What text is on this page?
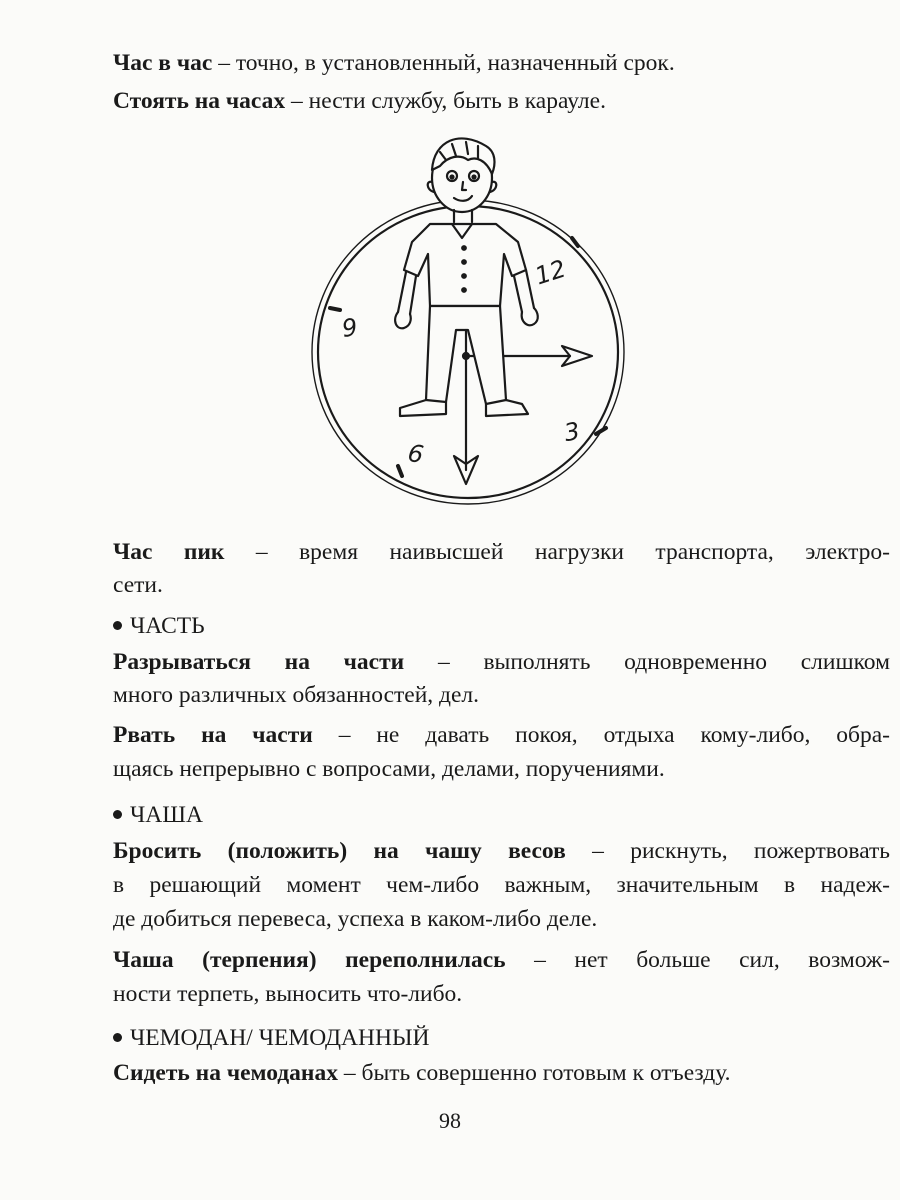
Час в час – точно, в установленный, назначенный срок.
Стоять на часах – нести службу, быть в карауле.
12
3
6
9
Час пик – время наивысшей нагрузки транспорта, электро-
сети.
ЧАСТЬ
Разрываться на части – выполнять одновременно слишком
много различных обязанностей, дел.
Рвать на части – не давать покоя, отдыха кому-либо, обра-
щаясь непрерывно с вопросами, делами, поручениями.
ЧАША
Бросить (положить) на чашу весов – рискнуть, пожертвовать
в решающий момент чем-либо важным, значительным в надеж-
де добиться перевеса, успеха в каком-либо деле.
Чаша (терпения) переполнилась – нет больше сил, возмож-
ности терпеть, выносить что-либо.
ЧЕМОДАН/ ЧЕМОДАННЫЙ
Сидеть на чемоданах – быть совершенно готовым к отъезду.
98
